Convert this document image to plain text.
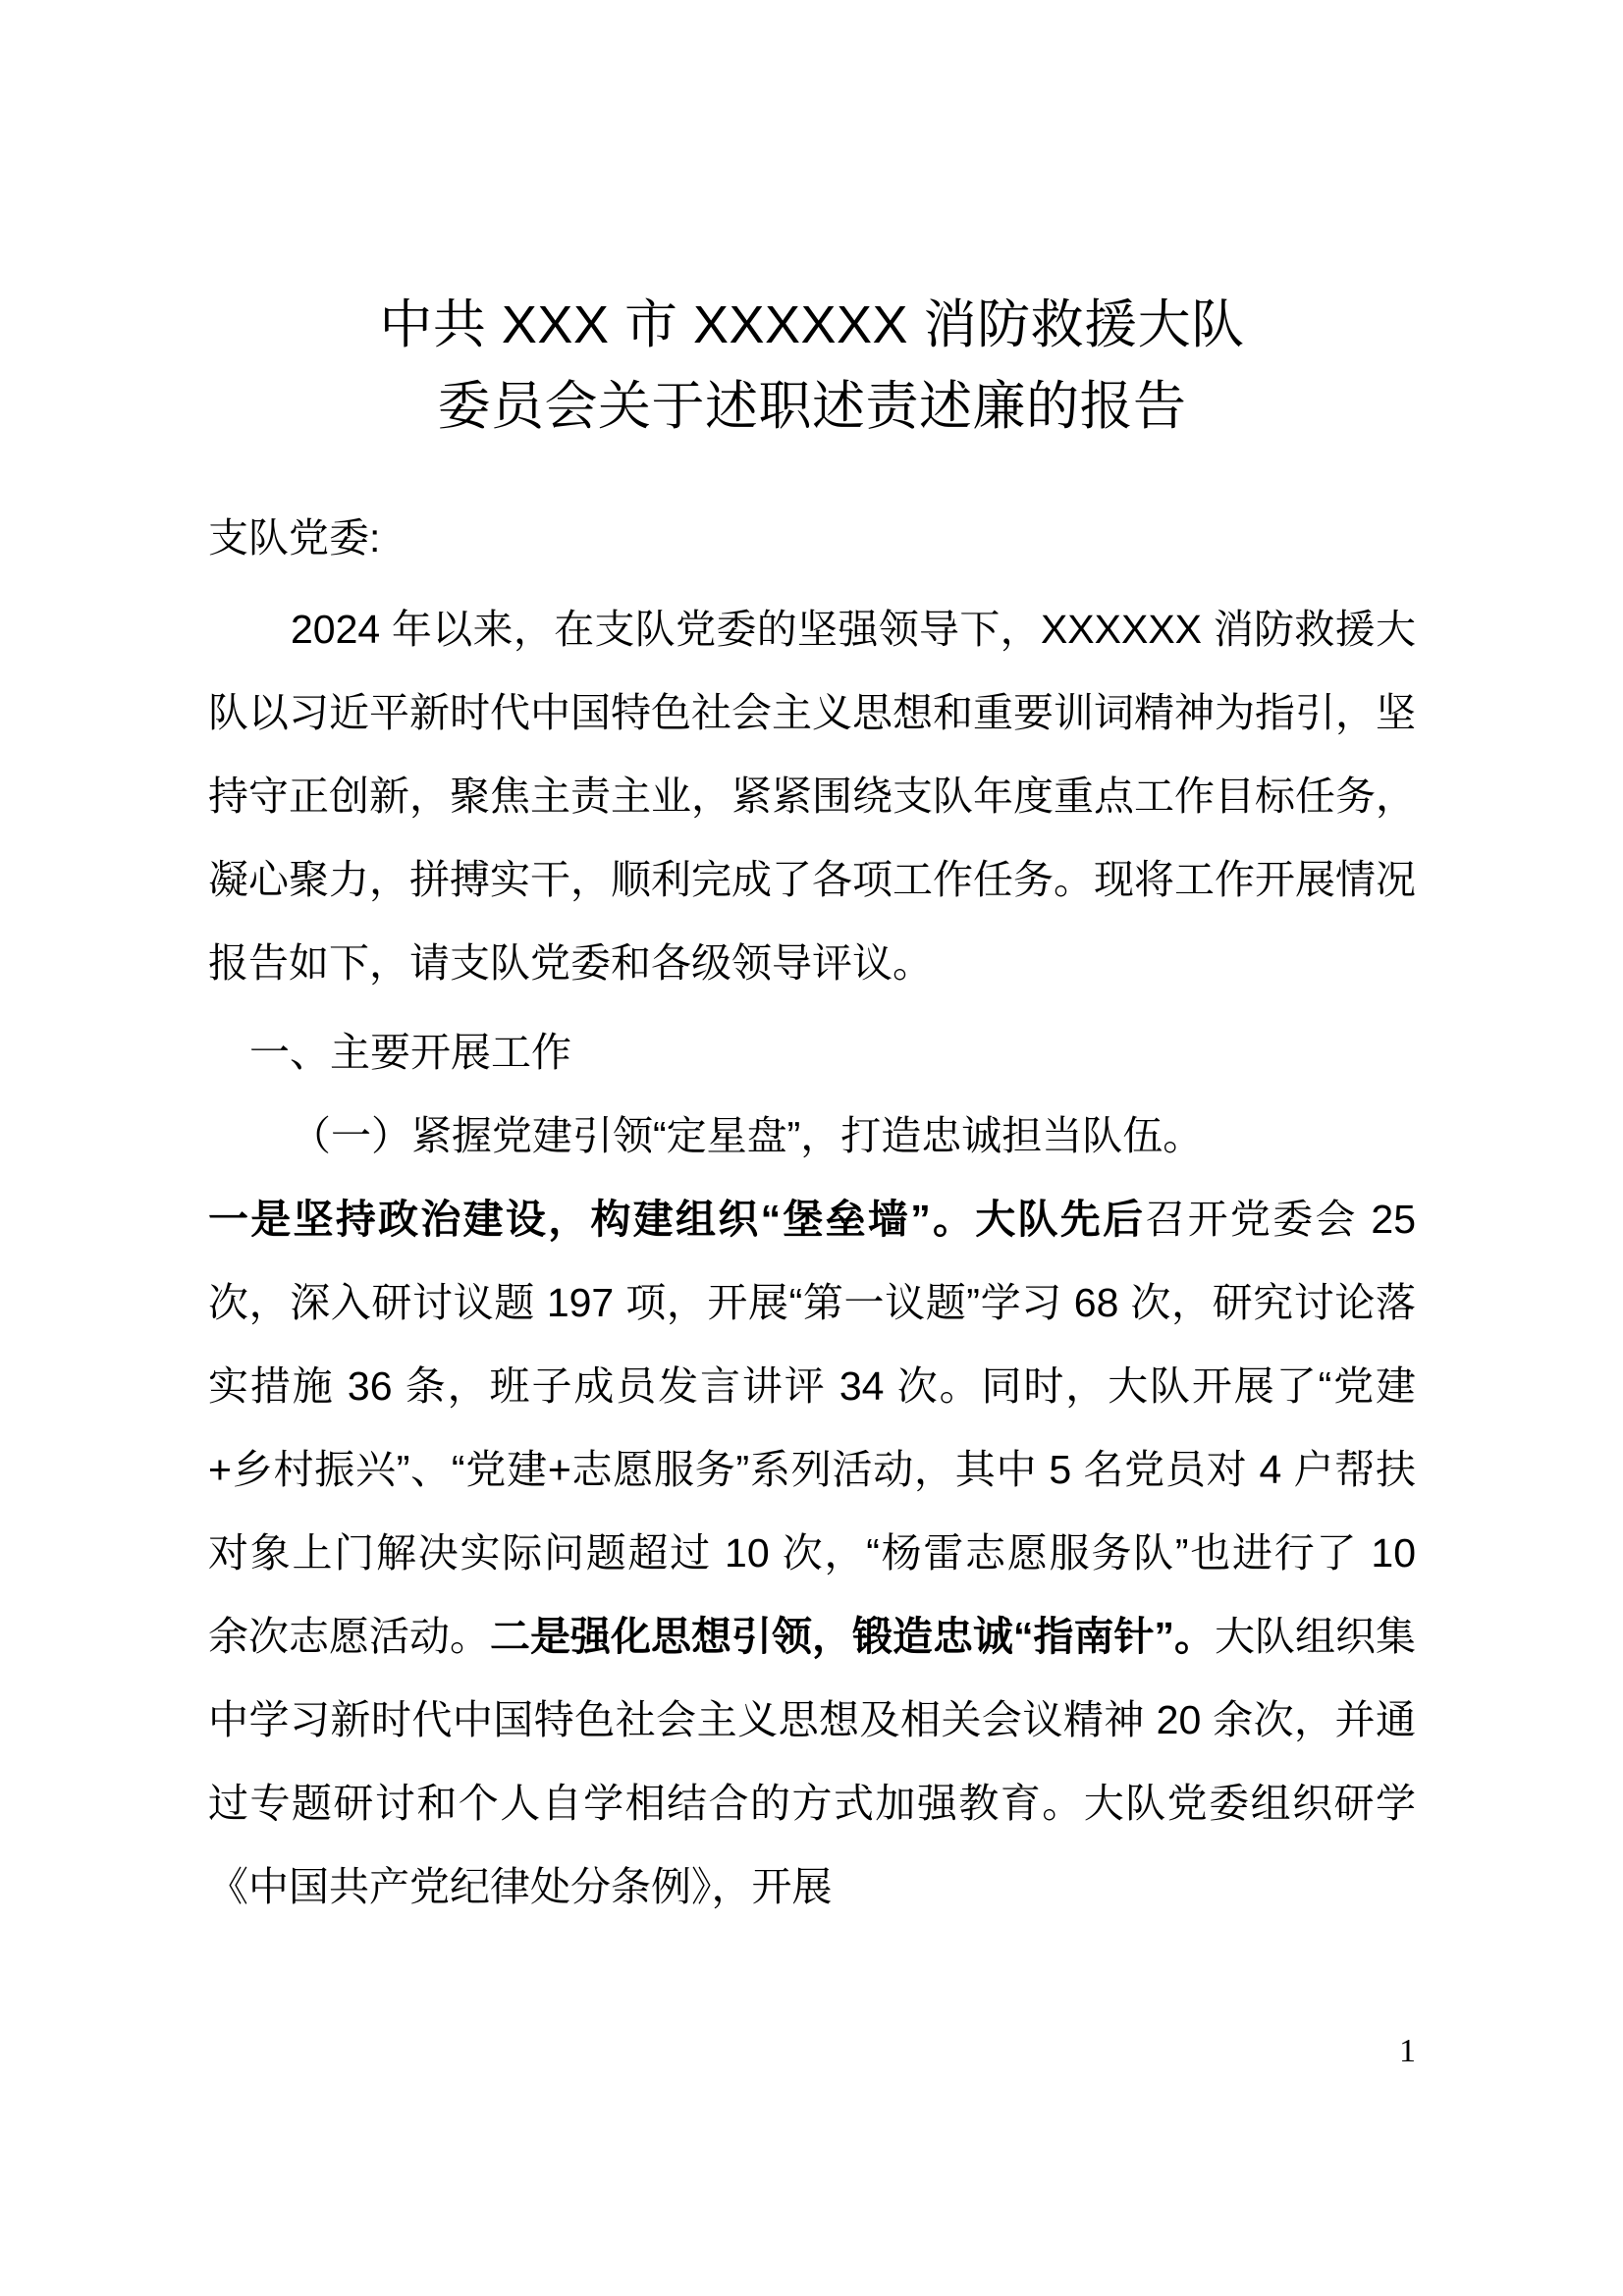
中共 XXX 市 XXXXXX 消防救援大队
委员会关于述职述责述廉的报告

支队党委:

2024 年以来，在支队党委的坚强领导下，XXXXXX 消防救援大队以习近平新时代中国特色社会主义思想和重要训词精神为指引，坚持守正创新，聚焦主责主业，紧紧围绕支队年度重点工作目标任务，凝心聚力，拼搏实干，顺利完成了各项工作任务。现将工作开展情况报告如下，请支队党委和各级领导评议。

一、主要开展工作

（一）紧握党建引领“定星盘”，打造忠诚担当队伍。

一是坚持政治建设，构建组织“堡垒墙”。大队先后召开党委会 25 次，深入研讨议题 197 项，开展“第一议题”学习 68 次，研究讨论落实措施 36 条，班子成员发言讲评 34 次。同时，大队开展了“党建+乡村振兴”、“党建+志愿服务”系列活动，其中 5 名党员对 4 户帮扶对象上门解决实际问题超过 10 次，“杨雷志愿服务队”也进行了 10 余次志愿活动。二是强化思想引领，锻造忠诚“指南针”。大队组织集中学习新时代中国特色社会主义思想及相关会议精神 20 余次，并通过专题研讨和个人自学相结合的方式加强教育。大队党委组织研学《中国共产党纪律处分条例》，开展

1
